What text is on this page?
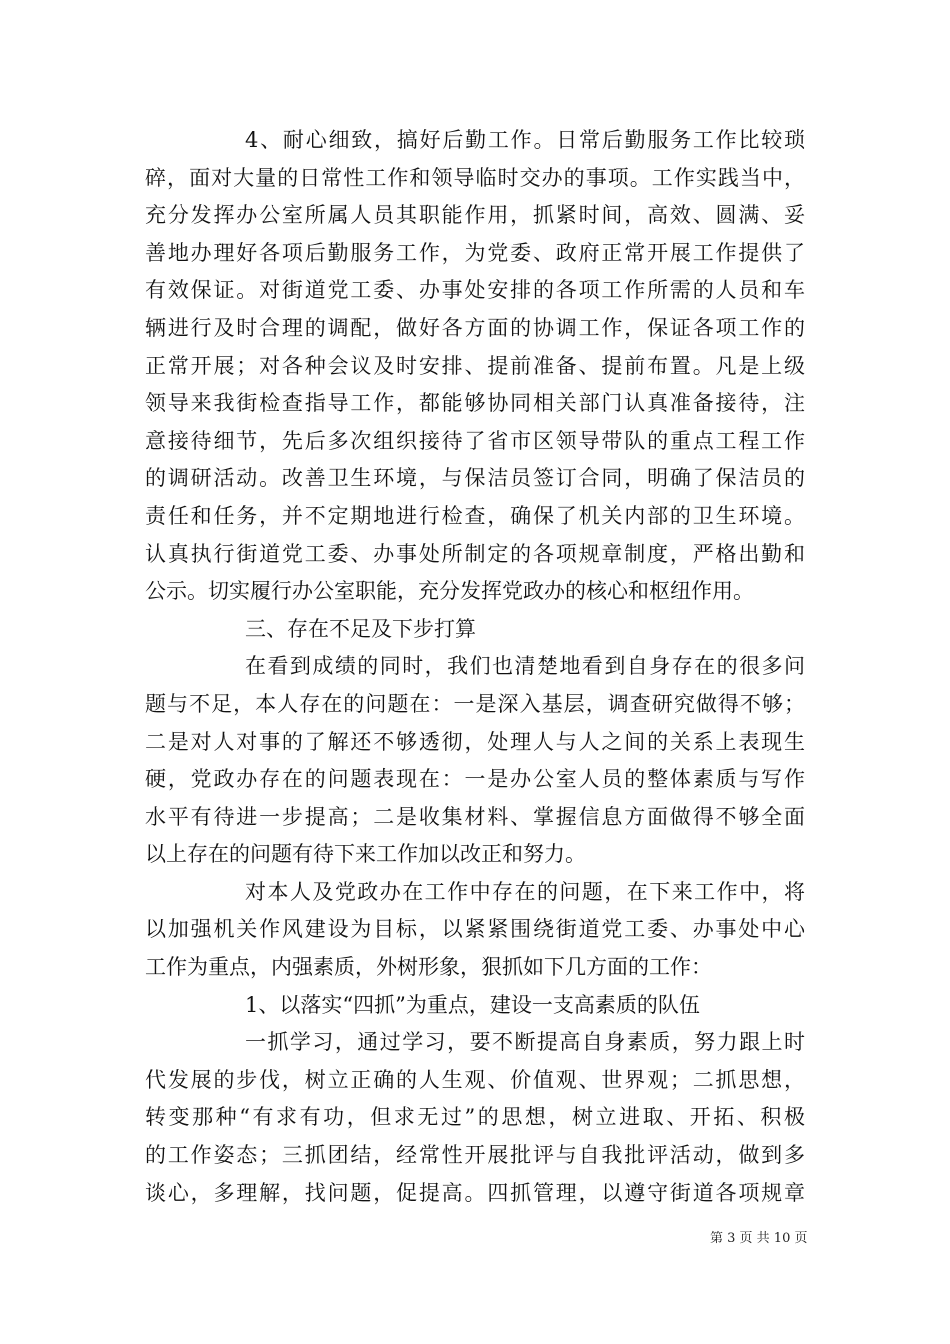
4、耐心细致，搞好后勤工作。日常后勤服务工作比较琐
碎，面对大量的日常性工作和领导临时交办的事项。工作实践当中，
充分发挥办公室所属人员其职能作用，抓紧时间，高效、圆满、妥
善地办理好各项后勤服务工作，为党委、政府正常开展工作提供了
有效保证。对街道党工委、办事处安排的各项工作所需的人员和车
辆进行及时合理的调配，做好各方面的协调工作，保证各项工作的
正常开展；对各种会议及时安排、提前准备、提前布置。凡是上级
领导来我街检查指导工作，都能够协同相关部门认真准备接待，注
意接待细节，先后多次组织接待了省市区领导带队的重点工程工作
的调研活动。改善卫生环境，与保洁员签订合同，明确了保洁员的
责任和任务，并不定期地进行检查，确保了机关内部的卫生环境。
认真执行街道党工委、办事处所制定的各项规章制度，严格出勤和
公示。切实履行办公室职能，充分发挥党政办的核心和枢纽作用。
三、存在不足及下步打算
在看到成绩的同时，我们也清楚地看到自身存在的很多问
题与不足，本人存在的问题在：一是深入基层，调查研究做得不够；
二是对人对事的了解还不够透彻，处理人与人之间的关系上表现生
硬，党政办存在的问题表现在：一是办公室人员的整体素质与写作
水平有待进一步提高；二是收集材料、掌握信息方面做得不够全面
以上存在的问题有待下来工作加以改正和努力。
对本人及党政办在工作中存在的问题，在下来工作中，将
以加强机关作风建设为目标，以紧紧围绕街道党工委、办事处中心
工作为重点，内强素质，外树形象，狠抓如下几方面的工作：
1、以落实“四抓”为重点，建设一支高素质的队伍
一抓学习，通过学习，要不断提高自身素质，努力跟上时
代发展的步伐，树立正确的人生观、价值观、世界观；二抓思想，
转变那种“有求有功，但求无过”的思想，树立进取、开拓、积极
的工作姿态；三抓团结，经常性开展批评与自我批评活动，做到多
谈心，多理解，找问题，促提高。四抓管理，以遵守街道各项规章
第 3 页 共 10 页
